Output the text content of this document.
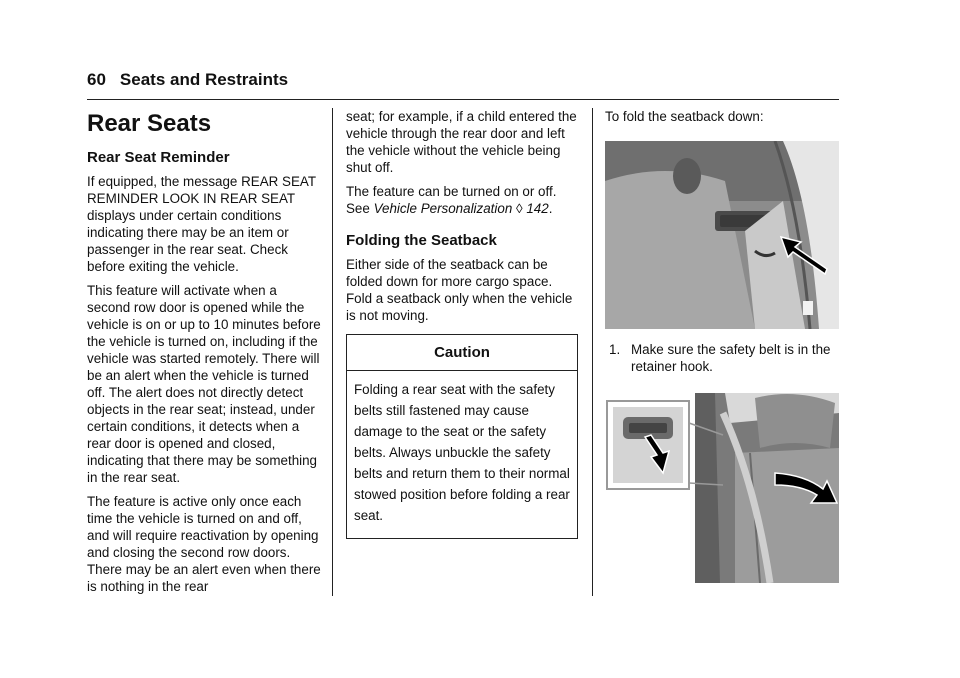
60 Seats and Restraints
Rear Seats
Rear Seat Reminder

If equipped, the message REAR SEAT REMINDER LOOK IN REAR SEAT displays under certain conditions indicating there may be an item or passenger in the rear seat. Check before exiting the vehicle.

This feature will activate when a second row door is opened while the vehicle is on or up to 10 minutes before the vehicle is turned on, including if the vehicle was started remotely. There will be an alert when the vehicle is turned off. The alert does not directly detect objects in the rear seat; instead, under certain conditions, it detects when a rear door is opened and closed, indicating that there may be something in the rear seat.

The feature is active only once each time the vehicle is turned on and off, and will require reactivation by opening and closing the second row doors. There may be an alert even when there is nothing in the rear

seat; for example, if a child entered the vehicle through the rear door and left the vehicle without the vehicle being shut off.

The feature can be turned on or off. See Vehicle Personalization ◊ 142.

Folding the Seatback

Either side of the seatback can be folded down for more cargo space. Fold a seatback only when the vehicle is not moving.

Caution
Folding a rear seat with the safety belts still fastened may cause damage to the seat or the safety belts. Always unbuckle the safety belts and return them to their normal stowed position before folding a rear seat.

To fold the seatback down:

1. Make sure the safety belt is in the retainer hook.
